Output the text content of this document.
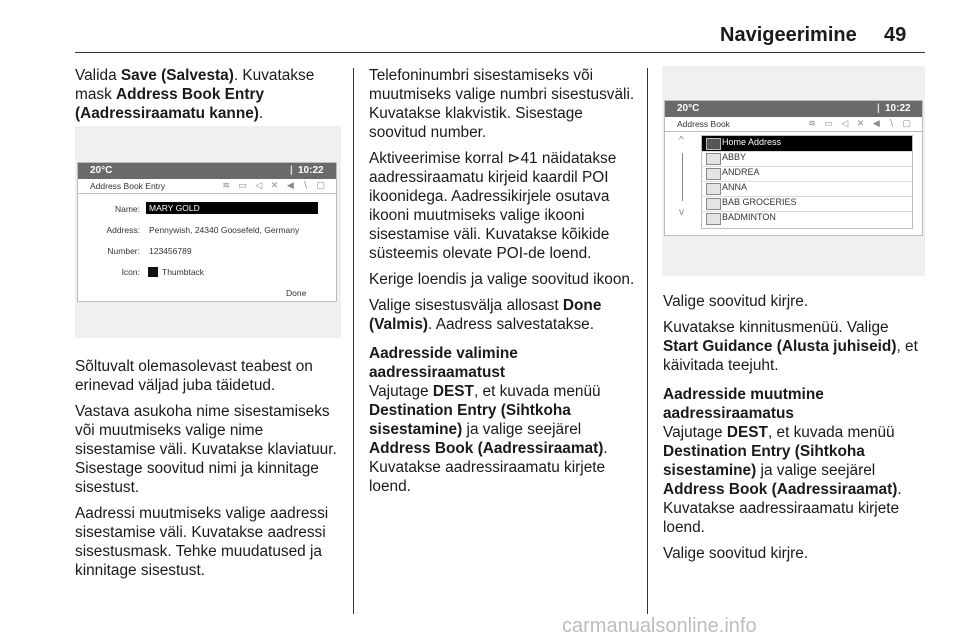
Navigeerimine 49

Valida Save (Salvesta). Kuvatakse mask Address Book Entry (Aadressiraamatu kanne).

20°C	| 10:22
Address Book Entry	≋ ▭ ◁ ✕ ◀ ∖ ▢
Name:	MARY GOLD
Address: Pennywish, 24340 Goosefeld, Germany
Number: 123456789
Icon:	Thumbtack
Done

Sõltuvalt olemasolevast teabest on erinevad väljad juba täidetud.

Vastava asukoha nime sisestamiseks või muutmiseks valige nime sisestamise väli. Kuvatakse klaviatuur. Sisestage soovitud nimi ja kinnitage sisestust.

Aadressi muutmiseks valige aadressi sisestamise väli. Kuvatakse aadressi sisestusmask. Tehke muudatused ja kinnitage sisestust.

Telefoninumbri sisestamiseks või muutmiseks valige numbri sisestusväli. Kuvatakse klakvistik. Sisestage soovitud number.

Aktiveerimise korral ⊳41 näidatakse aadressiraamatu kirjeid kaardil POI ikoonidega. Aadressikirjele osutava ikooni muutmiseks valige ikooni sisestamise väli. Kuvatakse kõikide süsteemis olevate POI-de loend.

Kerige loendis ja valige soovitud ikoon.

Valige sisestusvälja allosast Done (Valmis). Aadress salvestatakse.

Aadresside valimine aadressiraamatust

Vajutage DEST, et kuvada menüü Destination Entry (Sihtkoha sisestamine) ja valige seejärel Address Book (Aadressiraamat). Kuvatakse aadressiraamatu kirjete loend.

20°C	| 10:22
Address Book	≋ ▭ ◁ ✕ ◀ ∖ ▢
^
v
Home Address
ABBY
ANDREA
ANNA
BAB GROCERIES
BADMINTON

Valige soovitud kirjre.

Kuvatakse kinnitusmenüü. Valige Start Guidance (Alusta juhiseid), et käivitada teejuht.

Aadresside muutmine aadressiraamatus

Vajutage DEST, et kuvada menüü Destination Entry (Sihtkoha sisestamine) ja valige seejärel Address Book (Aadressiraamat). Kuvatakse aadressiraamatu kirjete loend.

Valige soovitud kirjre.

carmanualsonline.info
